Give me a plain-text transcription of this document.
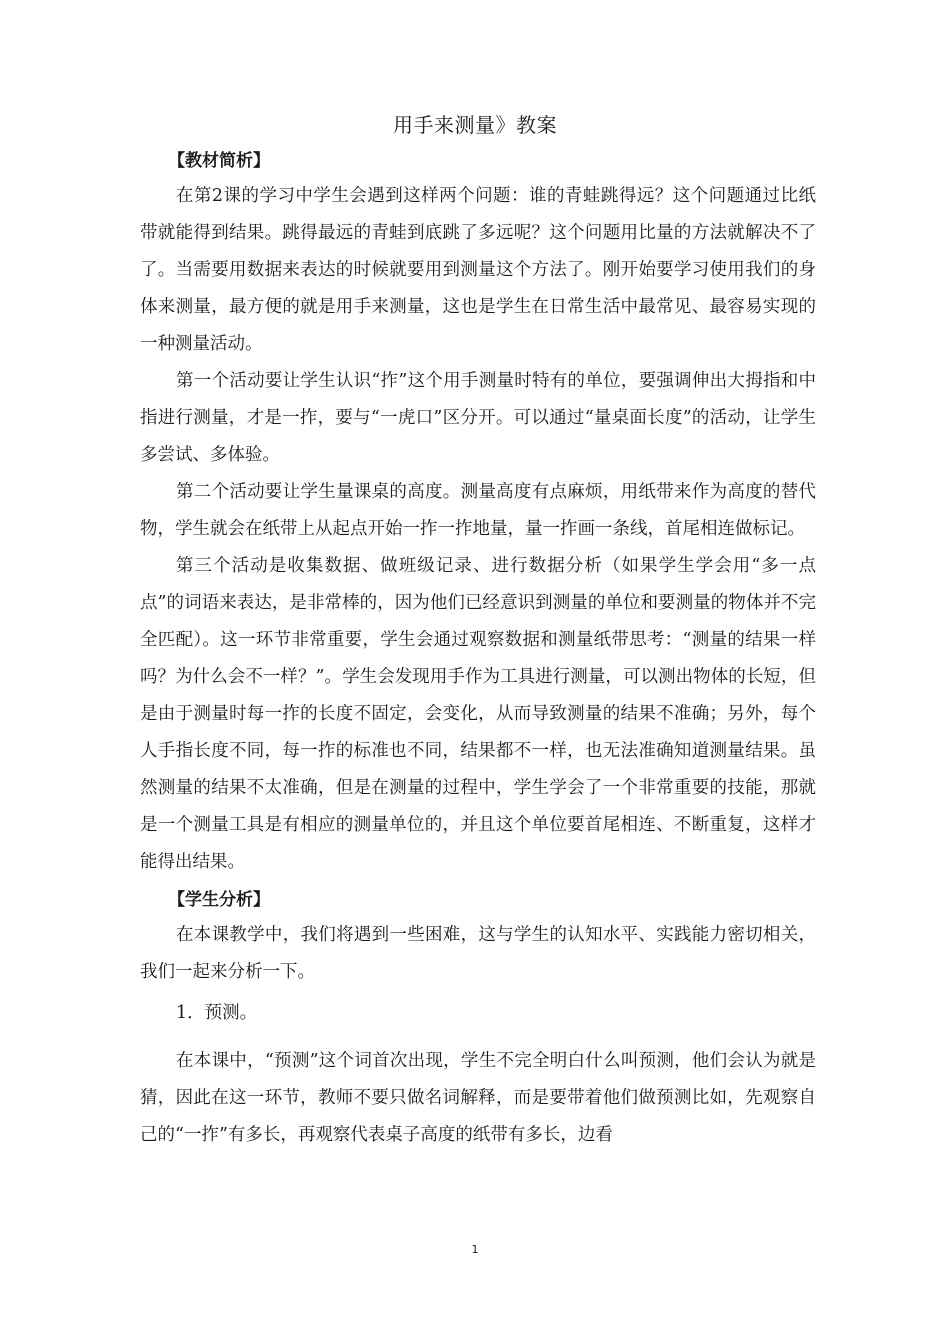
用手来测量》教案
【教材简析】

在第2课的学习中学生会遇到这样两个问题：谁的青蛙跳得远？这个问题通过比纸带就能得到结果。跳得最远的青蛙到底跳了多远呢？这个问题用比量的方法就解决不了了。当需要用数据来表达的时候就要用到测量这个方法了。刚开始要学习使用我们的身体来测量，最方便的就是用手来测量，这也是学生在日常生活中最常见、最容易实现的一种测量活动。

第一个活动要让学生认识“拃”这个用手测量时特有的单位，要强调伸出大拇指和中指进行测量，才是一拃，要与“一虎口”区分开。可以通过“量桌面长度”的活动，让学生多尝试、多体验。

第二个活动要让学生量课桌的高度。测量高度有点麻烦，用纸带来作为高度的替代物，学生就会在纸带上从起点开始一拃一拃地量，量一拃画一条线，首尾相连做标记。

第三个活动是收集数据、做班级记录、进行数据分析（如果学生学会用“多一点点”的词语来表达，是非常棒的，因为他们已经意识到测量的单位和要测量的物体并不完全匹配）。这一环节非常重要，学生会通过观察数据和测量纸带思考：“测量的结果一样吗？为什么会不一样？”。学生会发现用手作为工具进行测量，可以测出物体的长短，但是由于测量时每一拃的长度不固定，会变化，从而导致测量的结果不准确；另外，每个人手指长度不同，每一拃的标准也不同，结果都不一样，也无法准确知道测量结果。虽然测量的结果不太准确，但是在测量的过程中，学生学会了一个非常重要的技能，那就是一个测量工具是有相应的测量单位的，并且这个单位要首尾相连、不断重复，这样才能得出结果。

【学生分析】

在本课教学中，我们将遇到一些困难，这与学生的认知水平、实践能力密切相关，我们一起来分析一下。

1．预测。

在本课中，“预测”这个词首次出现，学生不完全明白什么叫预测，他们会认为就是猜，因此在这一环节，教师不要只做名词解释，而是要带着他们做预测比如，先观察自己的“一拃”有多长，再观察代表桌子高度的纸带有多长，边看

1
